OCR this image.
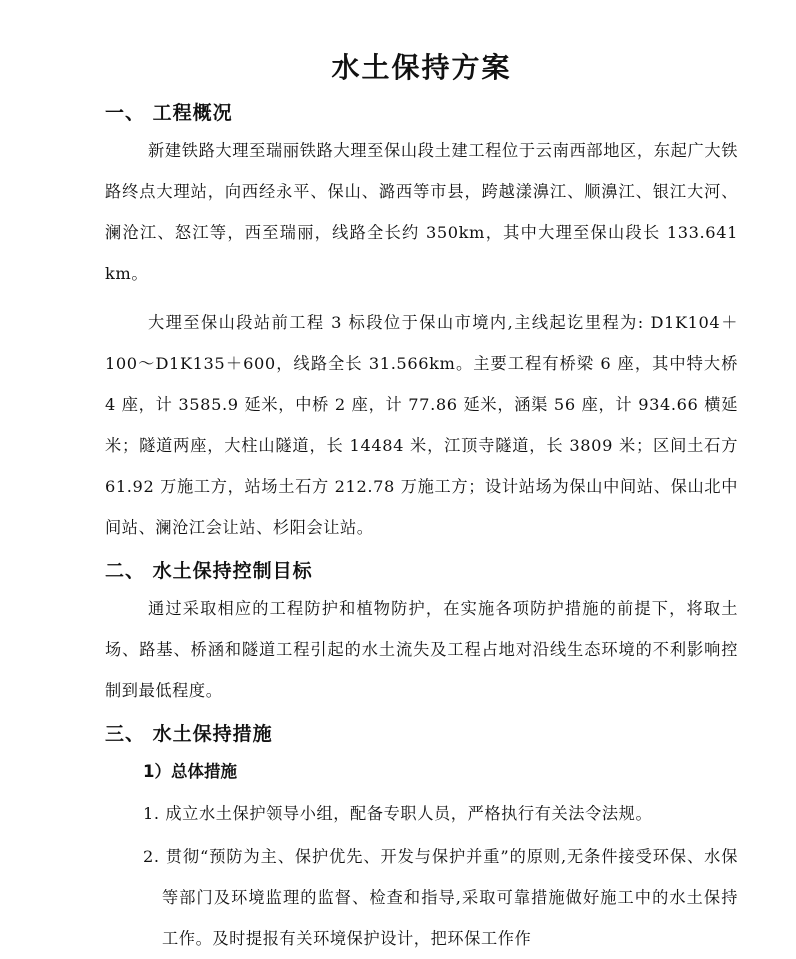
水土保持方案
一、 工程概况

新建铁路大理至瑞丽铁路大理至保山段土建工程位于云南西部地区，东起广大铁路终点大理站，向西经永平、保山、潞西等市县，跨越漾濞江、顺濞江、银江大河、澜沧江、怒江等，西至瑞丽，线路全长约 350km，其中大理至保山段长 133.641 km。

大理至保山段站前工程 3 标段位于保山市境内,主线起讫里程为: D1K104＋100～D1K135＋600，线路全长 31.566km。主要工程有桥梁 6 座，其中特大桥 4 座，计 3585.9 延米，中桥 2 座，计 77.86 延米，涵渠 56 座，计 934.66 横延米；隧道两座，大柱山隧道，长 14484 米，江顶寺隧道，长 3809 米；区间土石方 61.92 万施工方，站场土石方 212.78 万施工方；设计站场为保山中间站、保山北中间站、澜沧江会让站、杉阳会让站。

二、 水土保持控制目标

通过采取相应的工程防护和植物防护，在实施各项防护措施的前提下，将取土场、路基、桥涵和隧道工程引起的水土流失及工程占地对沿线生态环境的不利影响控制到最低程度。

三、 水土保持措施
1）总体措施

1. 成立水土保护领导小组，配备专职人员，严格执行有关法令法规。

2. 贯彻“预防为主、保护优先、开发与保护并重”的原则,无条件接受环保、水保等部门及环境监理的监督、检查和指导,采取可靠措施做好施工中的水土保持工作。及时提报有关环境保护设计，把环保工作作
